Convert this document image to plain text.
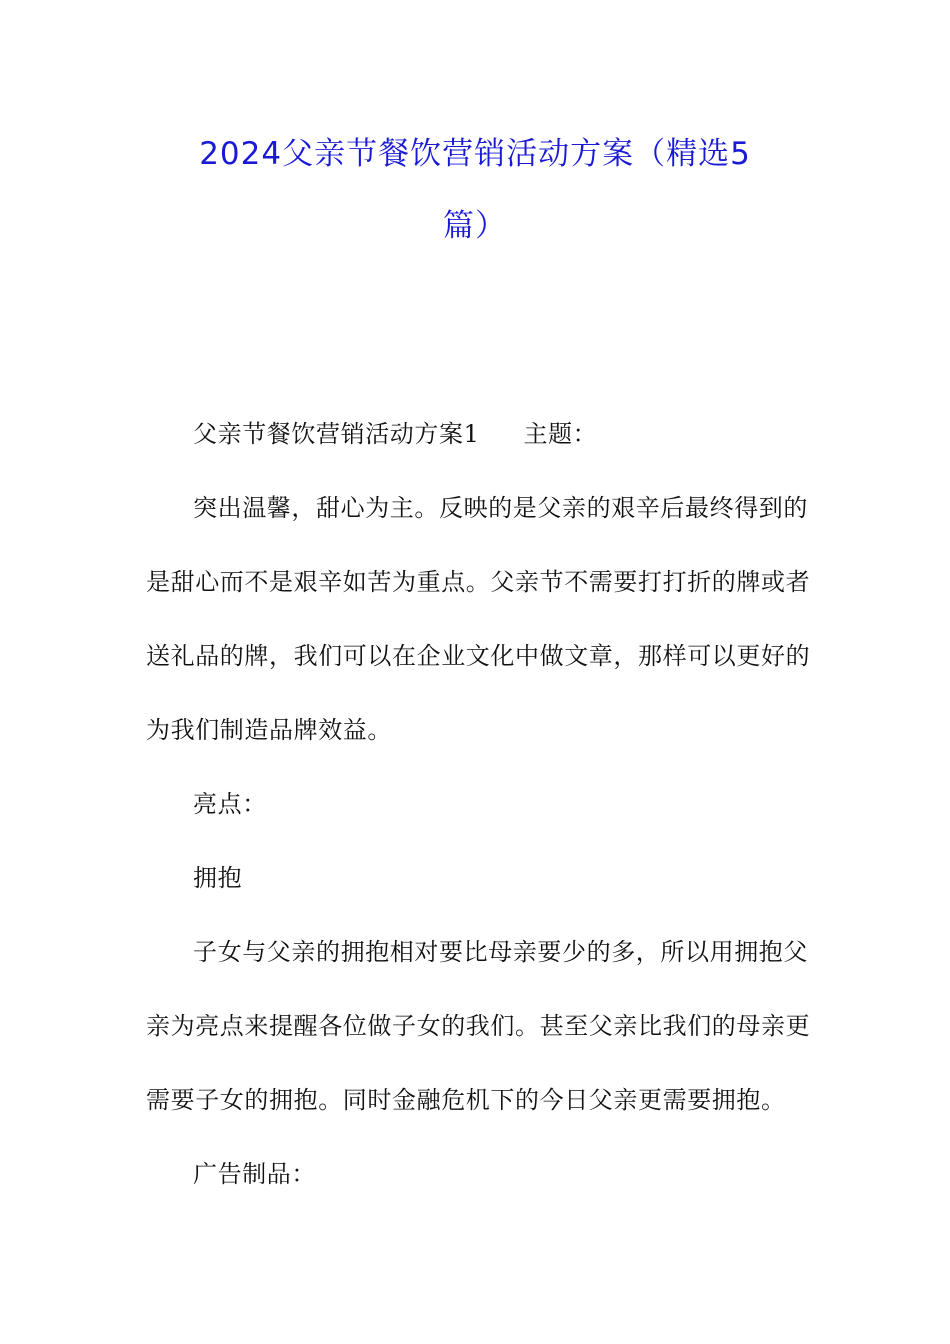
2024父亲节餐饮营销活动方案（精选5
篇）
父亲节餐饮营销活动方案1 主题：
突出温馨，甜心为主。反映的是父亲的艰辛后最终得到的
是甜心而不是艰辛如苦为重点。父亲节不需要打打折的牌或者
送礼品的牌，我们可以在企业文化中做文章，那样可以更好的
为我们制造品牌效益。
亮点：
拥抱
子女与父亲的拥抱相对要比母亲要少的多，所以用拥抱父
亲为亮点来提醒各位做子女的我们。甚至父亲比我们的母亲更
需要子女的拥抱。同时金融危机下的今日父亲更需要拥抱。
广告制品：
